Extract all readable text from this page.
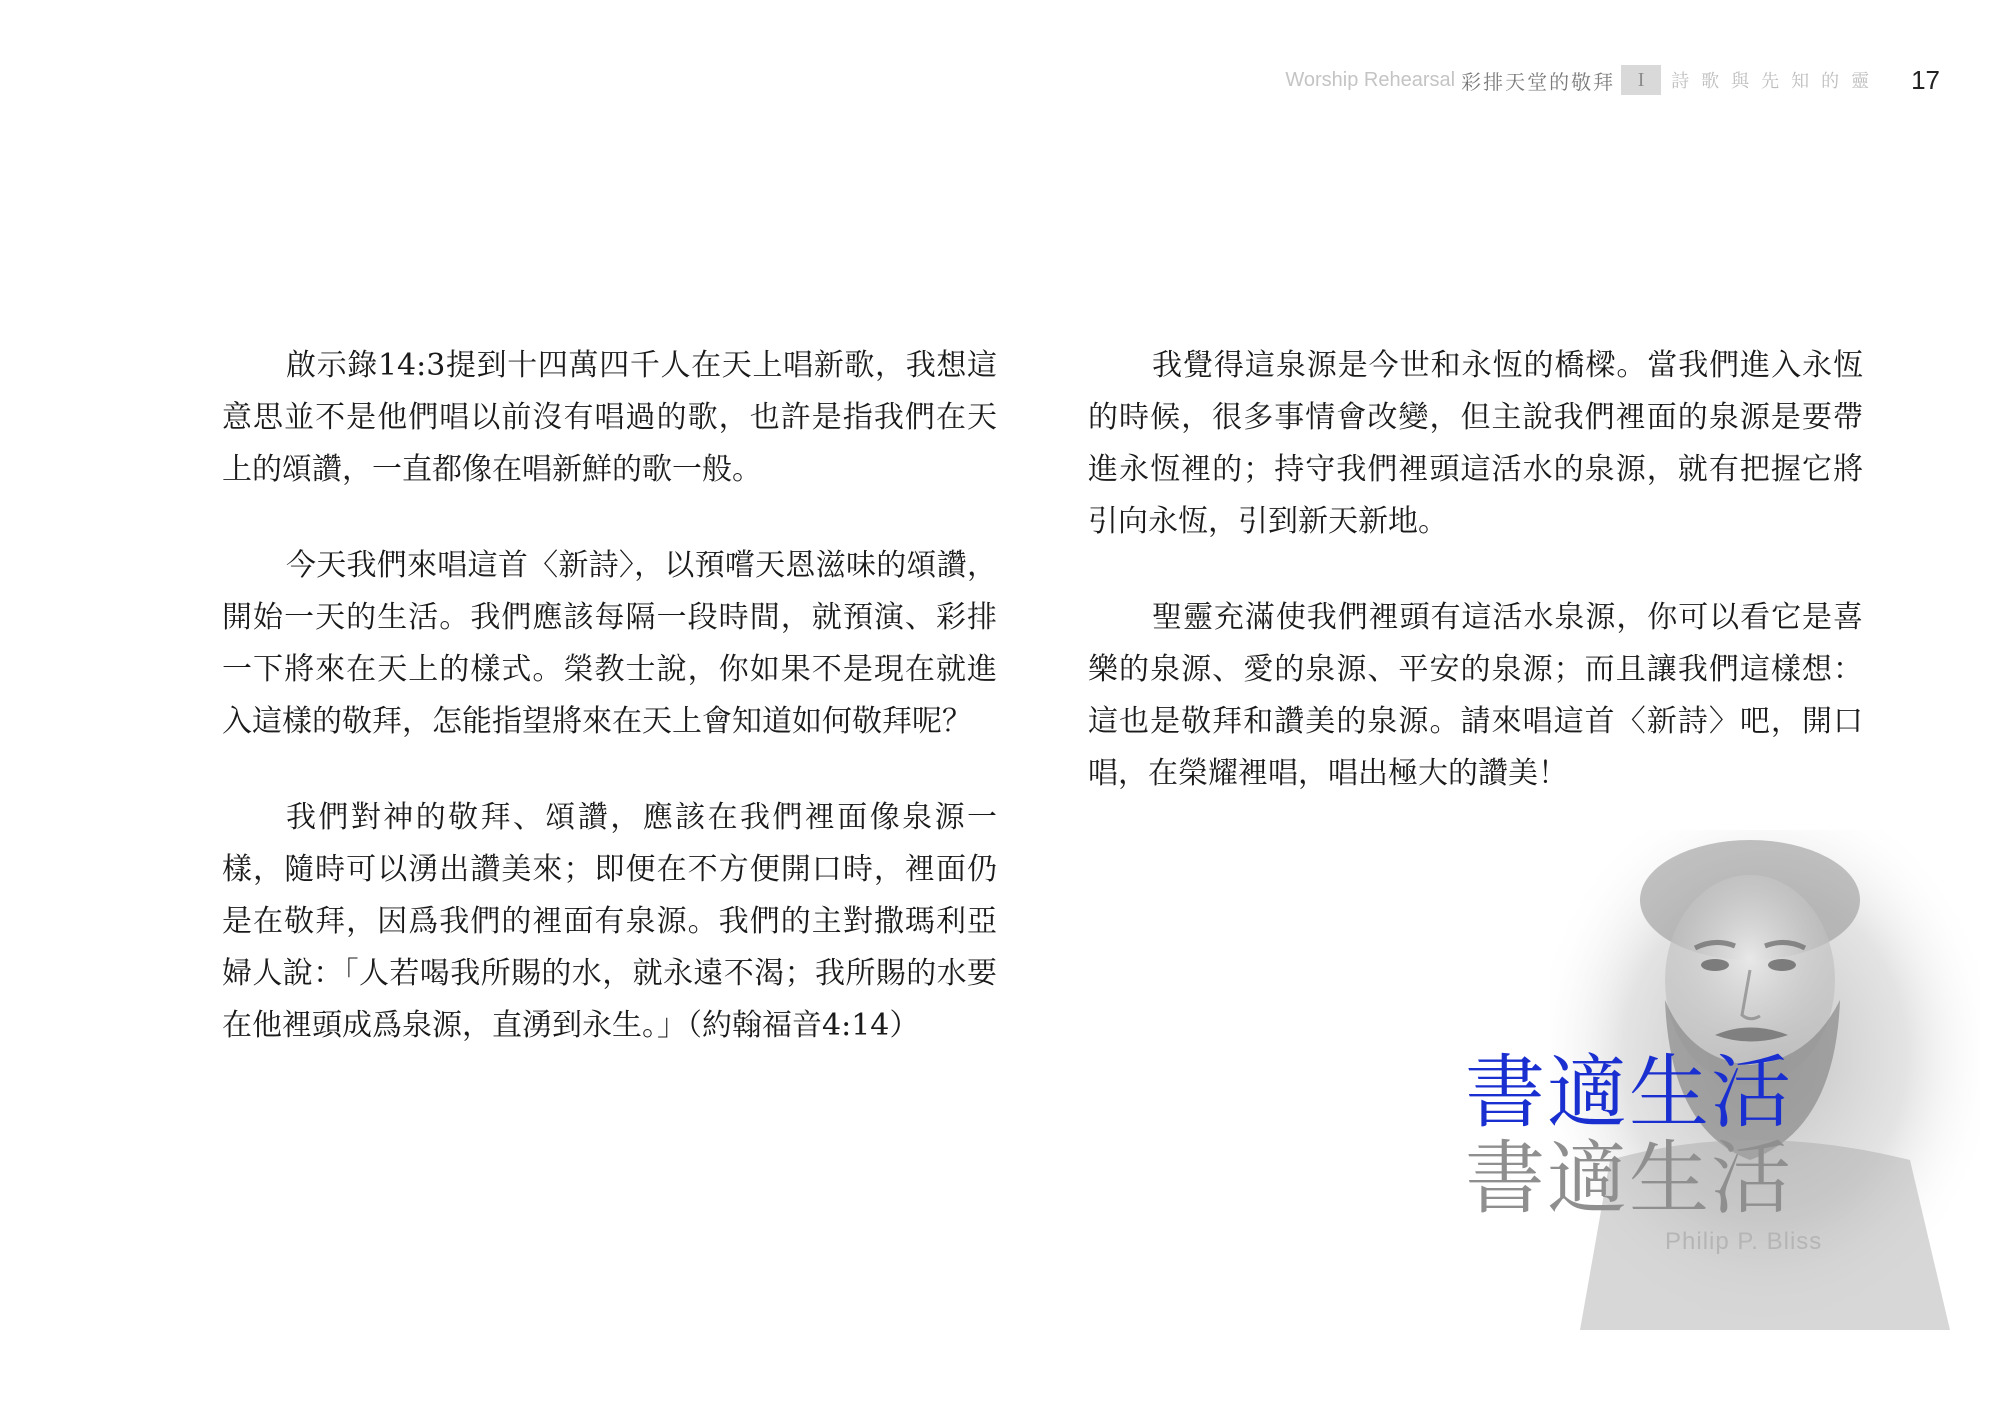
Worship Rehearsal 彩排天堂的敬拜	I	詩歌與先知的靈 17

啟示錄14:3提到十四萬四千人在天上唱新歌，我想這意思並不是他們唱以前沒有唱過的歌，也許是指我們在天上的頌讚，一直都像在唱新鮮的歌一般。

今天我們來唱這首〈新詩〉，以預嚐天恩滋味的頌讚，開始一天的生活。我們應該每隔一段時間，就預演、彩排一下將來在天上的樣式。榮教士說，你如果不是現在就進入這樣的敬拜，怎能指望將來在天上會知道如何敬拜呢？

我們對神的敬拜、頌讚，應該在我們裡面像泉源一樣，隨時可以湧出讚美來；即便在不方便開口時，裡面仍是在敬拜，因爲我們的裡面有泉源。我們的主對撒瑪利亞婦人說：「人若喝我所賜的水，就永遠不渴；我所賜的水要在他裡頭成爲泉源，直湧到永生。」（約翰福音4:14）

我覺得這泉源是今世和永恆的橋樑。當我們進入永恆的時候，很多事情會改變，但主說我們裡面的泉源是要帶進永恆裡的；持守我們裡頭這活水的泉源，就有把握它將引向永恆，引到新天新地。

聖靈充滿使我們裡頭有這活水泉源，你可以看它是喜樂的泉源、愛的泉源、平安的泉源；而且讓我們這樣想：這也是敬拜和讚美的泉源。請來唱這首〈新詩〉吧，開口唱，在榮耀裡唱，唱出極大的讚美！

書適生活
書適生活
Philip P. Bliss
